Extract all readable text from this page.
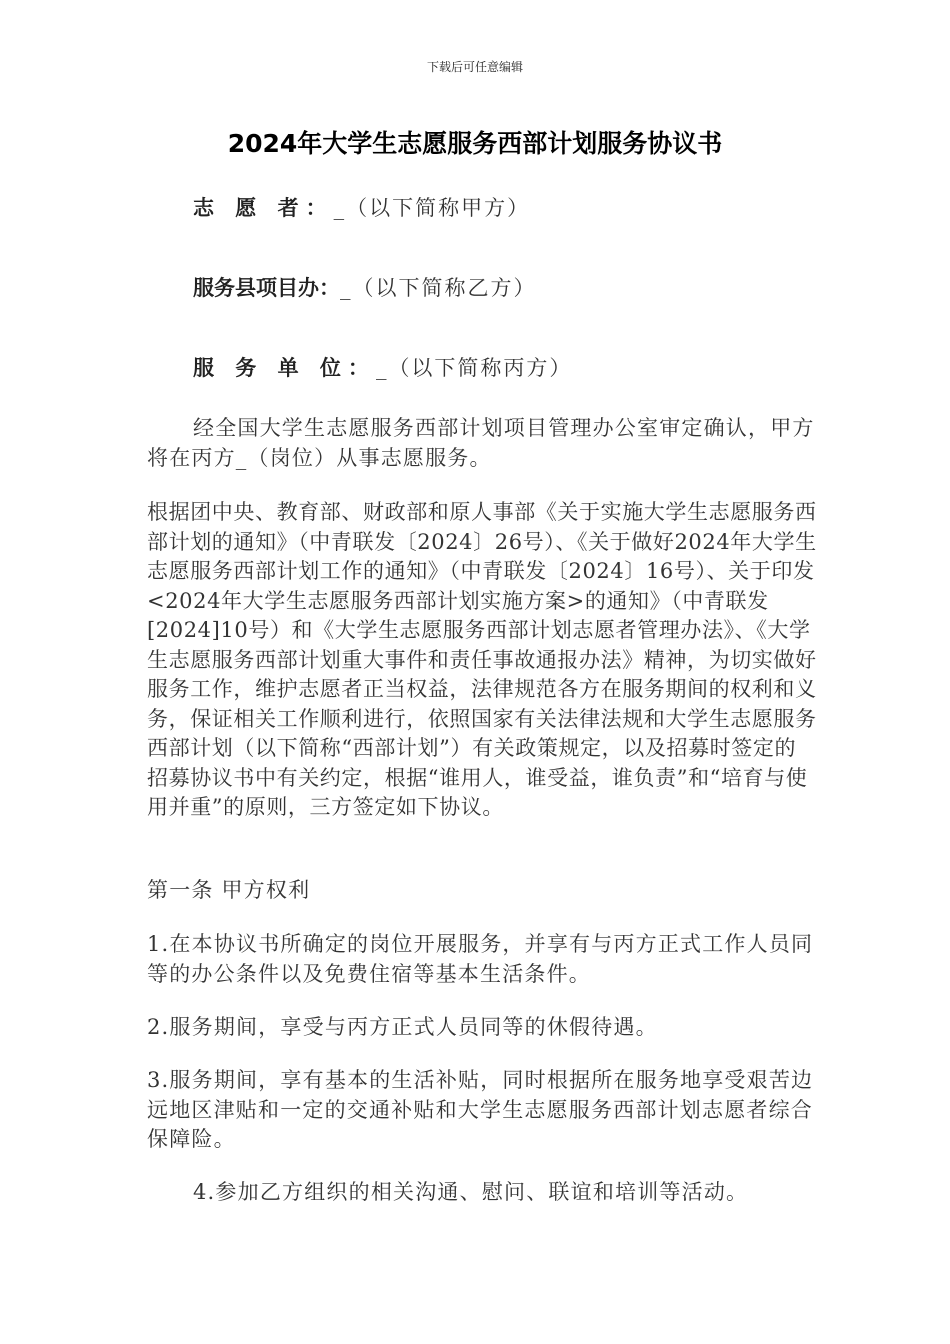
下载后可任意编辑
2024年大学生志愿服务西部计划服务协议书
志 愿 者：_（以下简称甲方）
服务县项目办：_（以下简称乙方）
服 务 单 位：_（以下简称丙方）

经全国大学生志愿服务西部计划项目管理办公室审定确认，甲方将在丙方_（岗位）从事志愿服务。

根据团中央、教育部、财政部和原人事部《关于实施大学生志愿服务西部计划的通知》（中青联发〔2024〕26号）、《关于做好2024年大学生志愿服务西部计划工作的通知》（中青联发〔2024〕16号）、关于印发<2024年大学生志愿服务西部计划实施方案>的通知》（中青联发[2024]10号）和《大学生志愿服务西部计划志愿者管理办法》、《大学生志愿服务西部计划重大事件和责任事故通报办法》精神，为切实做好服务工作，维护志愿者正当权益，法律规范各方在服务期间的权利和义务，保证相关工作顺利进行，依照国家有关法律法规和大学生志愿服务西部计划（以下简称“西部计划”）有关政策规定，以及招募时签定的招募协议书中有关约定，根据“谁用人，谁受益，谁负责”和“培育与使用并重”的原则，三方签定如下协议。

第一条 甲方权利

1.在本协议书所确定的岗位开展服务，并享有与丙方正式工作人员同等的办公条件以及免费住宿等基本生活条件。

2.服务期间，享受与丙方正式人员同等的休假待遇。

3.服务期间，享有基本的生活补贴，同时根据所在服务地享受艰苦边远地区津贴和一定的交通补贴和大学生志愿服务西部计划志愿者综合保障险。

4.参加乙方组织的相关沟通、慰问、联谊和培训等活动。
